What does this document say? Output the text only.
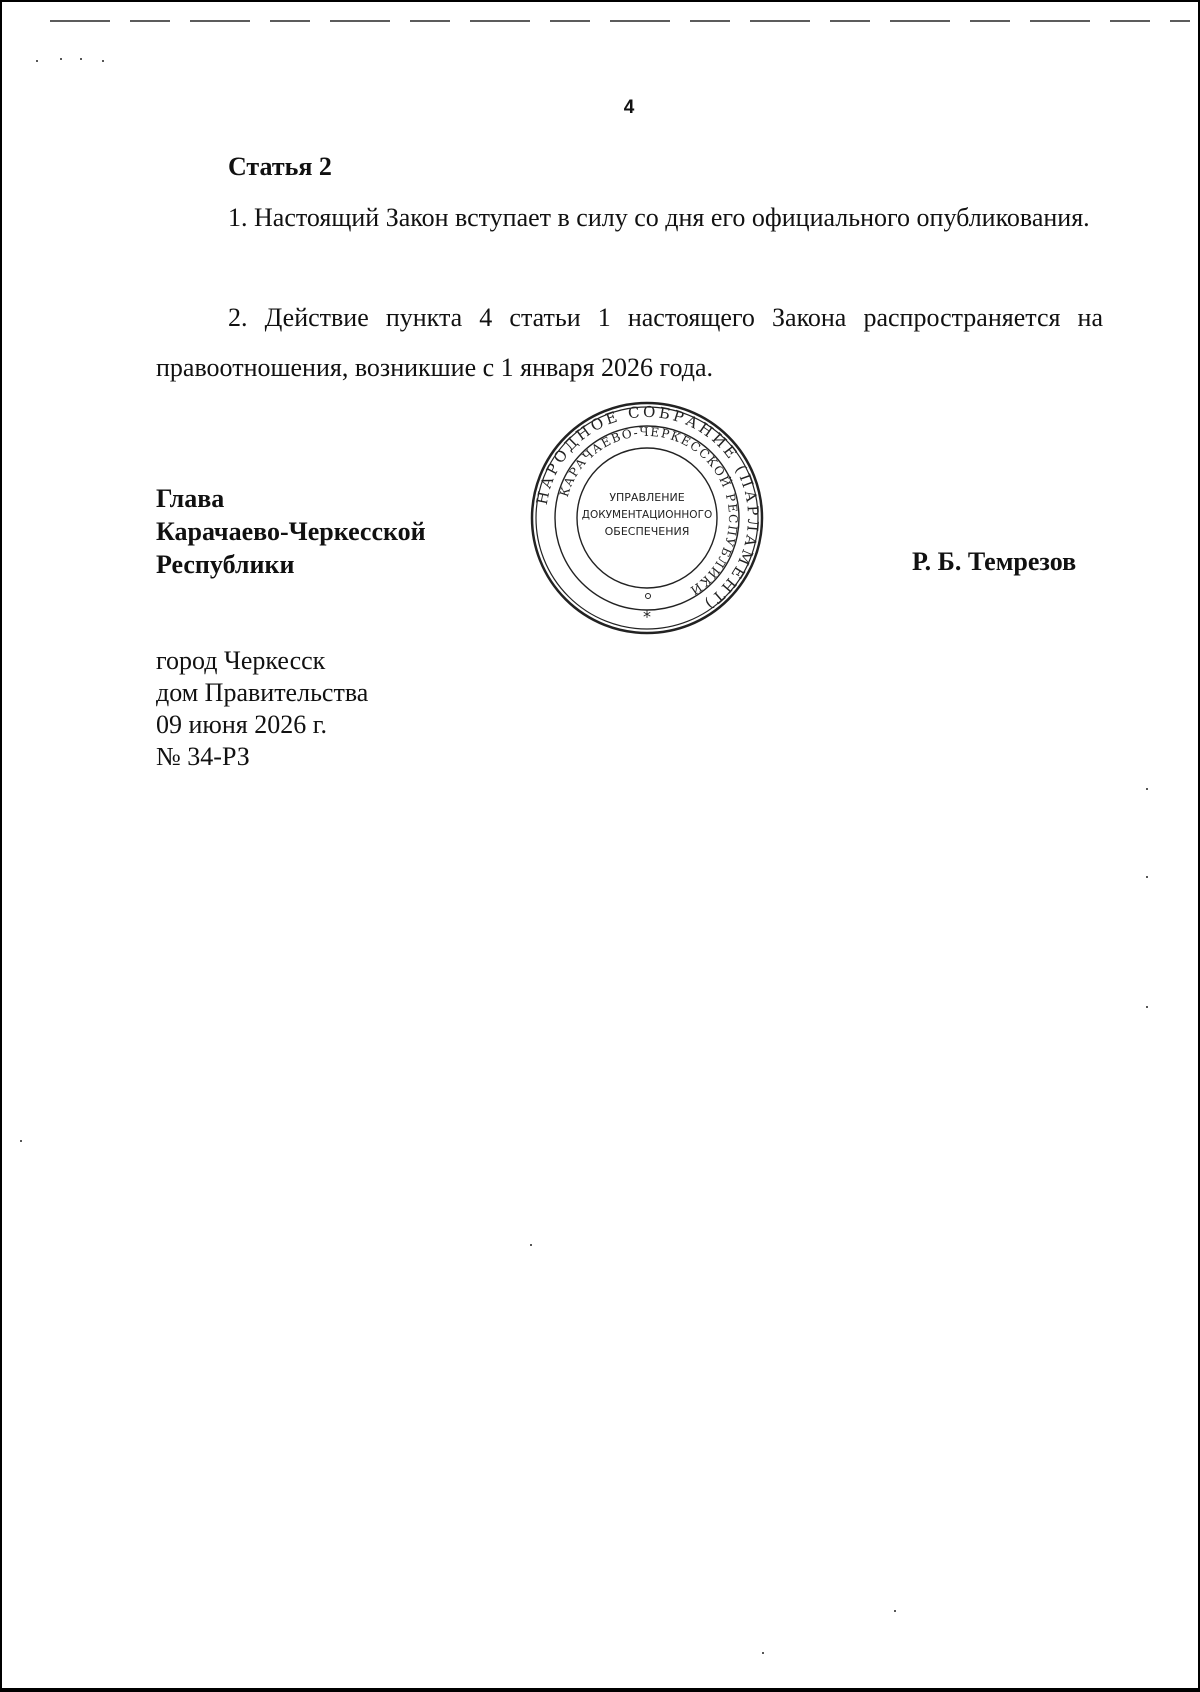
4
Статья 2

1. Настоящий Закон вступает в силу со дня его официального опубликования.

2. Действие пункта 4 статьи 1 настоящего Закона распространяется на правоотношения, возникшие с 1 января 2026 года.

Глава
Карачаево-Черкесской
Республики
НАРОДНОЕ СОБРАНИЕ (ПАРЛАМЕНТ)
КАРАЧАЕВО-ЧЕРКЕССКОЙ РЕСПУБЛИКИ
УПРАВЛЕНИЕ
ДОКУМЕНТАЦИОННОГО
ОБЕСПЕЧЕНИЯ
*
Р. Б. Темрезов
город Черкесск
дом Правительства
09 июня 2026 г.
№ 34-РЗ
